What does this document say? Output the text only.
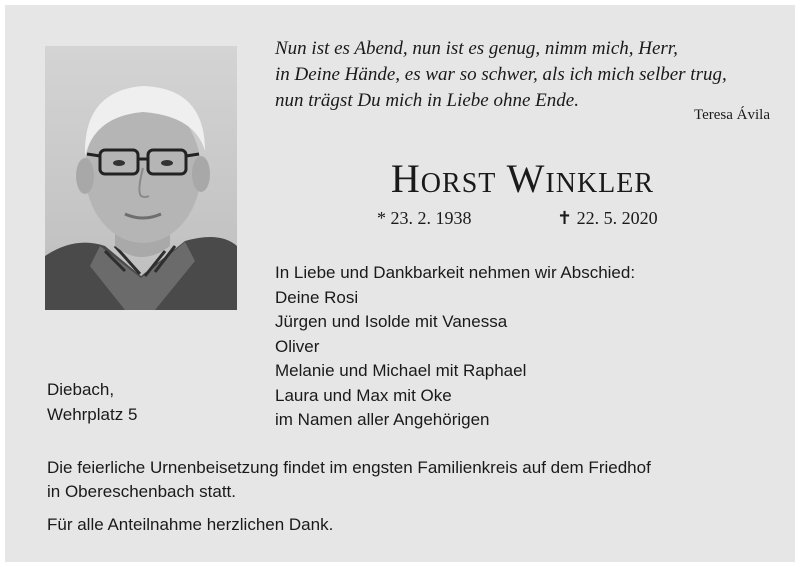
Nun ist es Abend, nun ist es genug, nimm mich, Herr,
in Deine Hände, es war so schwer, als ich mich selber trug,
nun trägst Du mich in Liebe ohne Ende.
Teresa Ávila
Horst Winkler
* 23. 2. 1938	✝ 22. 5. 2020
In Liebe und Dankbarkeit nehmen wir Abschied:
Deine Rosi
Jürgen und Isolde mit Vanessa
Oliver
Melanie und Michael mit Raphael
Laura und Max mit Oke
im Namen aller Angehörigen
Diebach,
Wehrplatz 5
Die feierliche Urnenbeisetzung findet im engsten Familienkreis auf dem Friedhof
in Obereschenbach statt.
Für alle Anteilnahme herzlichen Dank.
